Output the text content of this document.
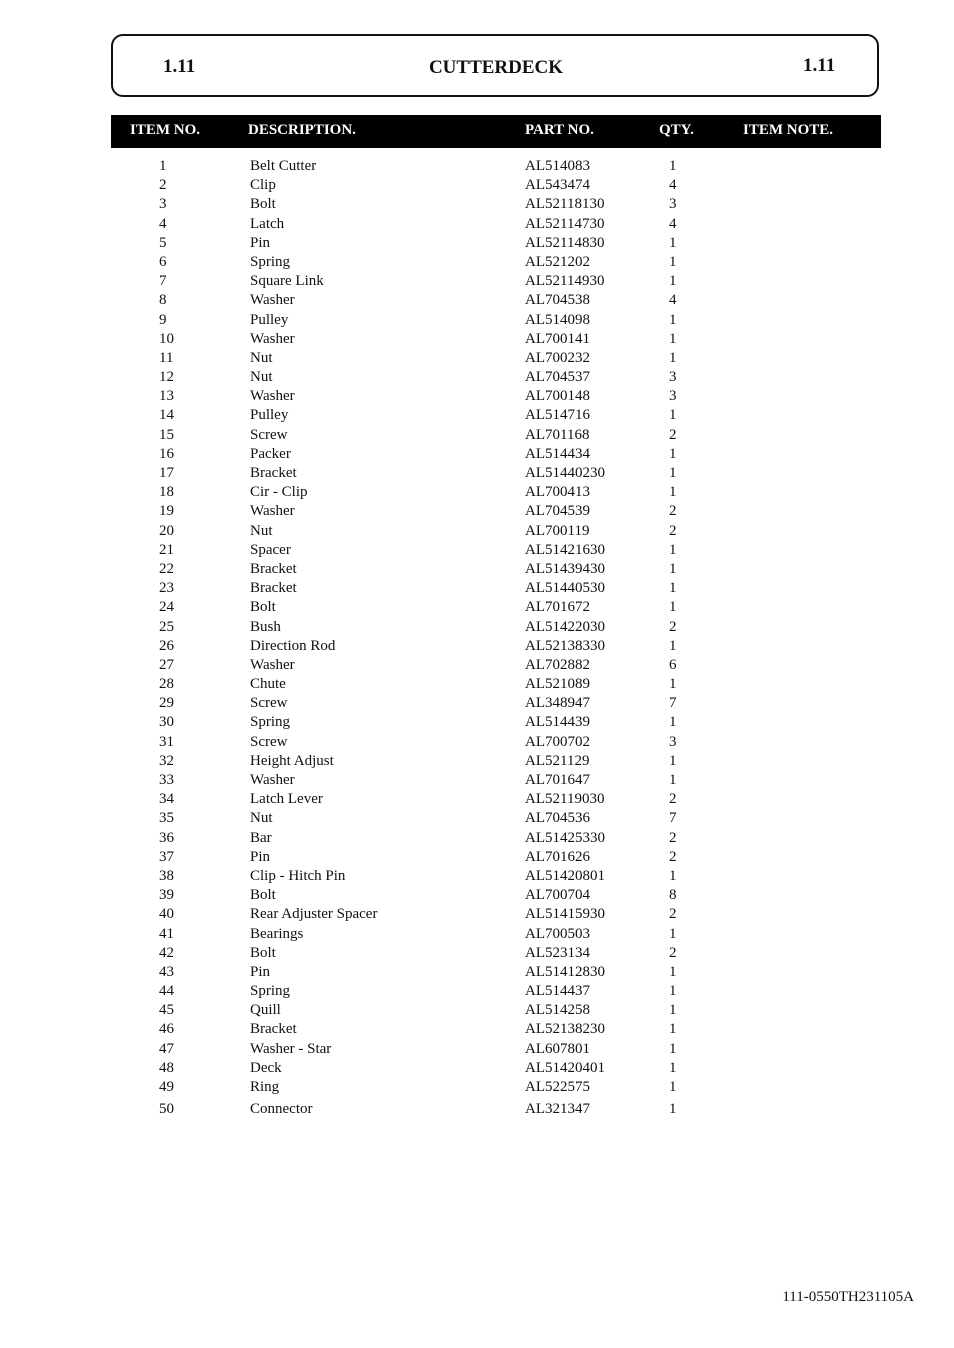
1.11	CUTTERDECK	1.11
ITEM NO.	DESCRIPTION.	PART NO.	QTY.	ITEM NOTE.
1	Belt Cutter	AL514083	1
2	Clip	AL543474	4
3	Bolt	AL52118130	3
4	Latch	AL52114730	4
5	Pin	AL52114830	1
6	Spring	AL521202	1
7	Square Link	AL52114930	1
8	Washer	AL704538	4
9	Pulley	AL514098	1
10	Washer	AL700141	1
11	Nut	AL700232	1
12	Nut	AL704537	3
13	Washer	AL700148	3
14	Pulley	AL514716	1
15	Screw	AL701168	2
16	Packer	AL514434	1
17	Bracket	AL51440230	1
18	Cir - Clip	AL700413	1
19	Washer	AL704539	2
20	Nut	AL700119	2
21	Spacer	AL51421630	1
22	Bracket	AL51439430	1
23	Bracket	AL51440530	1
24	Bolt	AL701672	1
25	Bush	AL51422030	2
26	Direction Rod	AL52138330	1
27	Washer	AL702882	6
28	Chute	AL521089	1
29	Screw	AL348947	7
30	Spring	AL514439	1
31	Screw	AL700702	3
32	Height Adjust	AL521129	1
33	Washer	AL701647	1
34	Latch Lever	AL52119030	2
35	Nut	AL704536	7
36	Bar	AL51425330	2
37	Pin	AL701626	2
38	Clip - Hitch Pin	AL51420801	1
39	Bolt	AL700704	8
40	Rear Adjuster Spacer	AL51415930	2
41	Bearings	AL700503	1
42	Bolt	AL523134	2
43	Pin	AL51412830	1
44	Spring	AL514437	1
45	Quill	AL514258	1
46	Bracket	AL52138230	1
47	Washer - Star	AL607801	1
48	Deck	AL51420401	1
49	Ring	AL522575	1
50	Connector	AL321347	1
111-0550TH231105A
